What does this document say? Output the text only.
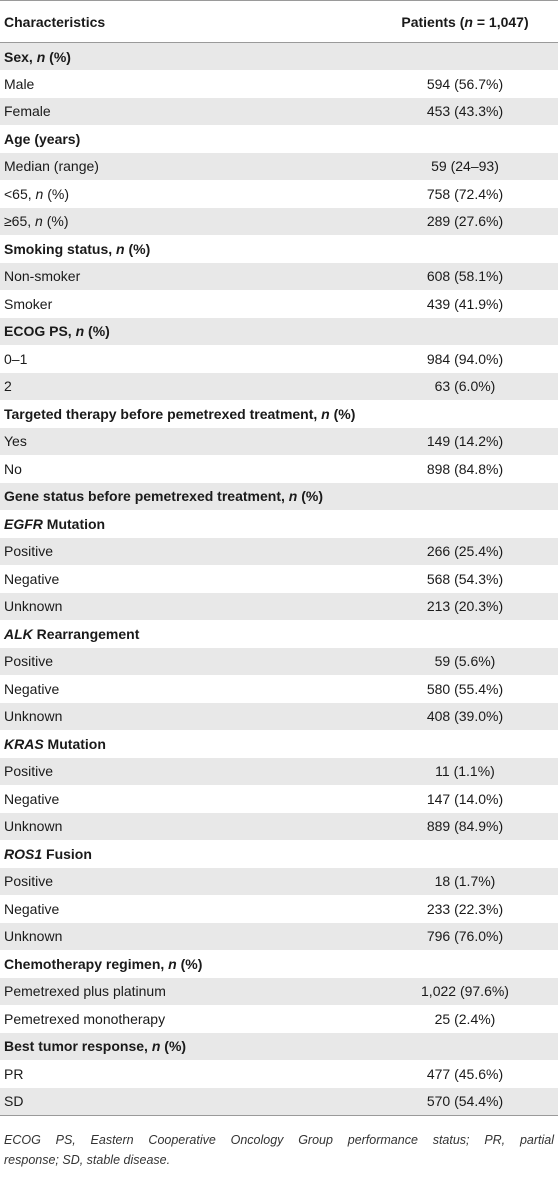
Characteristics	Patients (n = 1,047)
Sex, n (%)	
Male	594 (56.7%)
Female	453 (43.3%)
Age (years)	
Median (range)	59 (24–93)
<65, n (%)	758 (72.4%)
≥65, n (%)	289 (27.6%)
Smoking status, n (%)	
Non-smoker	608 (58.1%)
Smoker	439 (41.9%)
ECOG PS, n (%)	
0–1	984 (94.0%)
2	63 (6.0%)
Targeted therapy before pemetrexed treatment, n (%)	
Yes	149 (14.2%)
No	898 (84.8%)
Gene status before pemetrexed treatment, n (%)	
EGFR Mutation	
Positive	266 (25.4%)
Negative	568 (54.3%)
Unknown	213 (20.3%)
ALK Rearrangement	
Positive	59 (5.6%)
Negative	580 (55.4%)
Unknown	408 (39.0%)
KRAS Mutation	
Positive	11 (1.1%)
Negative	147 (14.0%)
Unknown	889 (84.9%)
ROS1 Fusion	
Positive	18 (1.7%)
Negative	233 (22.3%)
Unknown	796 (76.0%)
Chemotherapy regimen, n (%)	
Pemetrexed plus platinum	1,022 (97.6%)
Pemetrexed monotherapy	25 (2.4%)
Best tumor response, n (%)	
PR	477 (45.6%)
SD	570 (54.4%)
ECOG PS, Eastern Cooperative Oncology Group performance status; PR, partial
response; SD, stable disease.
